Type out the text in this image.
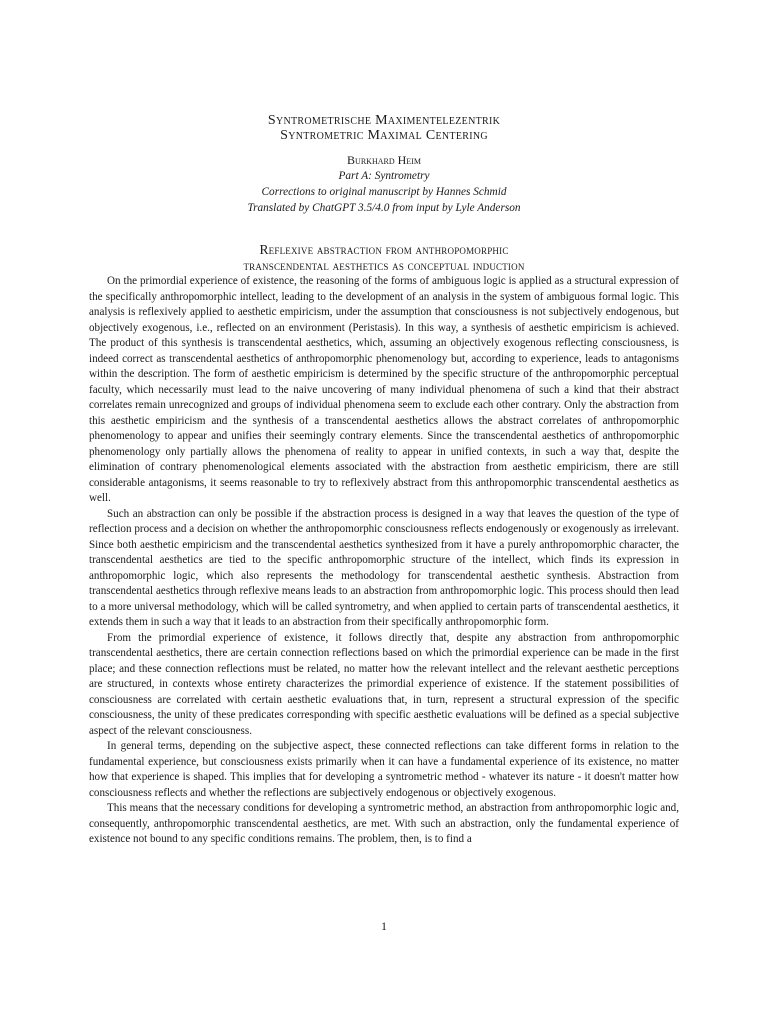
Syntrometrische Maximentelezentrik
Syntrometric Maximal Centering
Burkhard Heim
Part A: Syntrometry
Corrections to original manuscript by Hannes Schmid
Translated by ChatGPT 3.5/4.0 from input by Lyle Anderson
Reflexive abstraction from anthropomorphic
transcendental aesthetics as conceptual induction

On the primordial experience of existence, the reasoning of the forms of ambiguous logic is applied as a structural expression of the specifically anthropomorphic intellect, leading to the development of an analysis in the system of ambiguous formal logic. This analysis is reflexively applied to aesthetic empiricism, under the assumption that consciousness is not subjectively endogenous, but objectively exogenous, i.e., reflected on an environment (Peristasis). In this way, a synthesis of aesthetic empiricism is achieved. The product of this synthesis is transcendental aesthetics, which, assuming an objectively exogenous reflecting consciousness, is indeed correct as transcendental aesthetics of anthropomorphic phenomenology but, according to experience, leads to antagonisms within the description. The form of aesthetic empiricism is determined by the specific structure of the anthropomorphic perceptual faculty, which necessarily must lead to the naive uncovering of many individual phenomena of such a kind that their abstract correlates remain unrecognized and groups of individual phenomena seem to exclude each other contrary. Only the abstraction from this aesthetic empiricism and the synthesis of a transcendental aesthetics allows the abstract correlates of anthropomorphic phenomenology to appear and unifies their seemingly contrary elements. Since the transcendental aesthetics of anthropomorphic phenomenology only partially allows the phenomena of reality to appear in unified contexts, in such a way that, despite the elimination of contrary phenomenological elements associated with the abstraction from aesthetic empiricism, there are still considerable antagonisms, it seems reasonable to try to reflexively abstract from this anthropomorphic transcendental aesthetics as well.

Such an abstraction can only be possible if the abstraction process is designed in a way that leaves the question of the type of reflection process and a decision on whether the anthropomorphic consciousness reflects endogenously or exogenously as irrelevant. Since both aesthetic empiricism and the transcendental aesthetics synthesized from it have a purely anthropomorphic character, the transcendental aesthetics are tied to the specific anthropomorphic structure of the intellect, which finds its expression in anthropomorphic logic, which also represents the methodology for transcendental aesthetic synthesis. Abstraction from transcendental aesthetics through reflexive means leads to an abstraction from anthropomorphic logic. This process should then lead to a more universal methodology, which will be called syntrometry, and when applied to certain parts of transcendental aesthetics, it extends them in such a way that it leads to an abstraction from their specifically anthropomorphic form.

From the primordial experience of existence, it follows directly that, despite any abstraction from anthropomorphic transcendental aesthetics, there are certain connection reflections based on which the primordial experience can be made in the first place; and these connection reflections must be related, no matter how the relevant intellect and the relevant aesthetic perceptions are structured, in contexts whose entirety characterizes the primordial experience of existence. If the statement possibilities of consciousness are correlated with certain aesthetic evaluations that, in turn, represent a structural expression of the specific consciousness, the unity of these predicates corresponding with specific aesthetic evaluations will be defined as a special subjective aspect of the relevant consciousness.

In general terms, depending on the subjective aspect, these connected reflections can take different forms in relation to the fundamental experience, but consciousness exists primarily when it can have a fundamental experience of its existence, no matter how that experience is shaped. This implies that for developing a syntrometric method - whatever its nature - it doesn't matter how consciousness reflects and whether the reflections are subjectively endogenous or objectively exogenous.

This means that the necessary conditions for developing a syntrometric method, an abstraction from anthropomorphic logic and, consequently, anthropomorphic transcendental aesthetics, are met. With such an abstraction, only the fundamental experience of existence not bound to any specific conditions remains. The problem, then, is to find a

1
